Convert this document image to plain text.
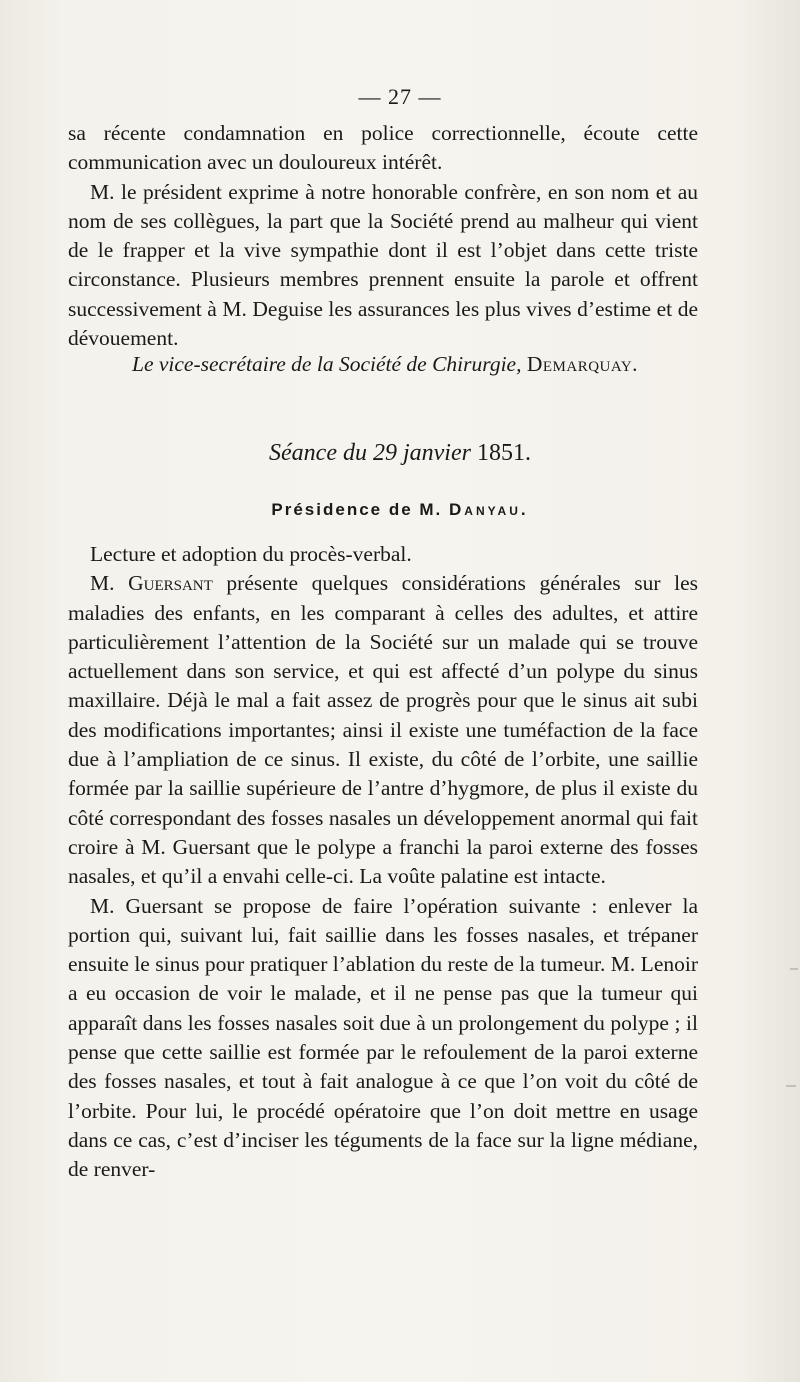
— 27 —

sa récente condamnation en police correctionnelle, écoute cette communication avec un douloureux intérêt.

M. le président exprime à notre honorable confrère, en son nom et au nom de ses collègues, la part que la Société prend au malheur qui vient de le frapper et la vive sympathie dont il est l’objet dans cette triste circonstance. Plusieurs membres prennent ensuite la parole et offrent successivement à M. Deguise les assurances les plus vives d’estime et de dévouement.

Le vice-secrétaire de la Société de Chirurgie, Demarquay.
Séance du 29 janvier 1851.
Présidence de M. Danyau.

Lecture et adoption du procès-verbal.

M. Guersant présente quelques considérations générales sur les maladies des enfants, en les comparant à celles des adultes, et attire particulièrement l’attention de la Société sur un malade qui se trouve actuellement dans son service, et qui est affecté d’un polype du sinus maxillaire. Déjà le mal a fait assez de progrès pour que le sinus ait subi des modifications importantes; ainsi il existe une tuméfaction de la face due à l’ampliation de ce sinus. Il existe, du côté de l’orbite, une saillie formée par la saillie supérieure de l’antre d’hygmore, de plus il existe du côté correspondant des fosses nasales un développement anormal qui fait croire à M. Guersant que le polype a franchi la paroi externe des fosses nasales, et qu’il a envahi celle-ci. La voûte palatine est intacte.

M. Guersant se propose de faire l’opération suivante : enlever la portion qui, suivant lui, fait saillie dans les fosses nasales, et trépaner ensuite le sinus pour pratiquer l’ablation du reste de la tumeur. M. Lenoir a eu occasion de voir le malade, et il ne pense pas que la tumeur qui apparaît dans les fosses nasales soit due à un prolongement du polype ; il pense que cette saillie est formée par le refoulement de la paroi externe des fosses nasales, et tout à fait analogue à ce que l’on voit du côté de l’orbite. Pour lui, le procédé opératoire que l’on doit mettre en usage dans ce cas, c’est d’inciser les téguments de la face sur la ligne médiane, de renver-
